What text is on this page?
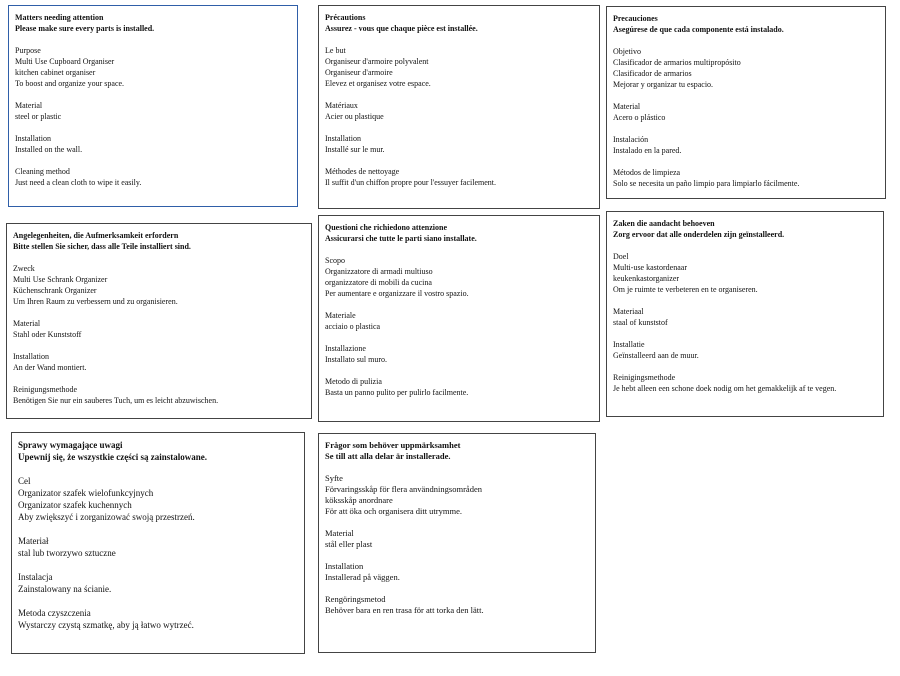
Matters needing attention
Please make sure every parts is installed.
Purpose
Multi Use Cupboard Organiser
kitchen cabinet organiser
To boost and organize your space.
Material
steel or plastic
Installation
Installed on the wall.
Cleaning method
Just need a clean cloth to wipe it easily.
Précautions
Assurez - vous que chaque pièce est installée.
Le but
Organiseur d'armoire polyvalent
Organiseur d'armoire
Elevez et organisez votre espace.
Matériaux
Acier ou plastique
Installation
Installé sur le mur.
Méthodes de nettoyage
Il suffit d'un chiffon propre pour l'essuyer facilement.
Precauciones
Asegúrese de que cada componente está instalado.
Objetivo
Clasificador de armarios multipropósito
Clasificador de armarios
Mejorar y organizar tu espacio.
Material
Acero o plástico
Instalación
Instalado en la pared.
Métodos de limpieza
Solo se necesita un paño limpio para limpiarlo fácilmente.
Angelegenheiten, die Aufmerksamkeit erfordern
Bitte stellen Sie sicher, dass alle Teile installiert sind.
Zweck
Multi Use Schrank Organizer
Küchenschrank Organizer
Um Ihren Raum zu verbessern und zu organisieren.
Material
Stahl oder Kunststoff
Installation
An der Wand montiert.
Reinigungsmethode
Benötigen Sie nur ein sauberes Tuch, um es leicht abzuwischen.
Questioni che richiedono attenzione
Assicurarsi che tutte le parti siano installate.
Scopo
Organizzatore di armadi multiuso
organizzatore di mobili da cucina
Per aumentare e organizzare il vostro spazio.
Materiale
acciaio o plastica
Installazione
Installato sul muro.
Metodo di pulizia
Basta un panno pulito per pulirlo facilmente.
Zaken die aandacht behoeven
Zorg ervoor dat alle onderdelen zijn geïnstalleerd.
Doel
Multi-use kastordenaar
keukenkastorganizer
Om je ruimte te verbeteren en te organiseren.
Materiaal
staal of kunststof
Installatie
Geïnstalleerd aan de muur.
Reinigingsmethode
Je hebt alleen een schone doek nodig om het gemakkelijk af te vegen.
Sprawy wymagające uwagi
Upewnij się, że wszystkie części są zainstalowane.
Cel
Organizator szafek wielofunkcyjnych
Organizator szafek kuchennych
Aby zwiększyć i zorganizować swoją przestrzeń.
Materiał
stal lub tworzywo sztuczne
Instalacja
Zainstalowany na ścianie.
Metoda czyszczenia
Wystarczy czystą szmatkę, aby ją łatwo wytrzeć.
Frågor som behöver uppmärksamhet
Se till att alla delar är installerade.
Syfte
Förvaringsskåp för flera användningsområden
köksskåp anordnare
För att öka och organisera ditt utrymme.
Material
stål eller plast
Installation
Installerad på väggen.
Rengöringsmetod
Behöver bara en ren trasa för att torka den lätt.
